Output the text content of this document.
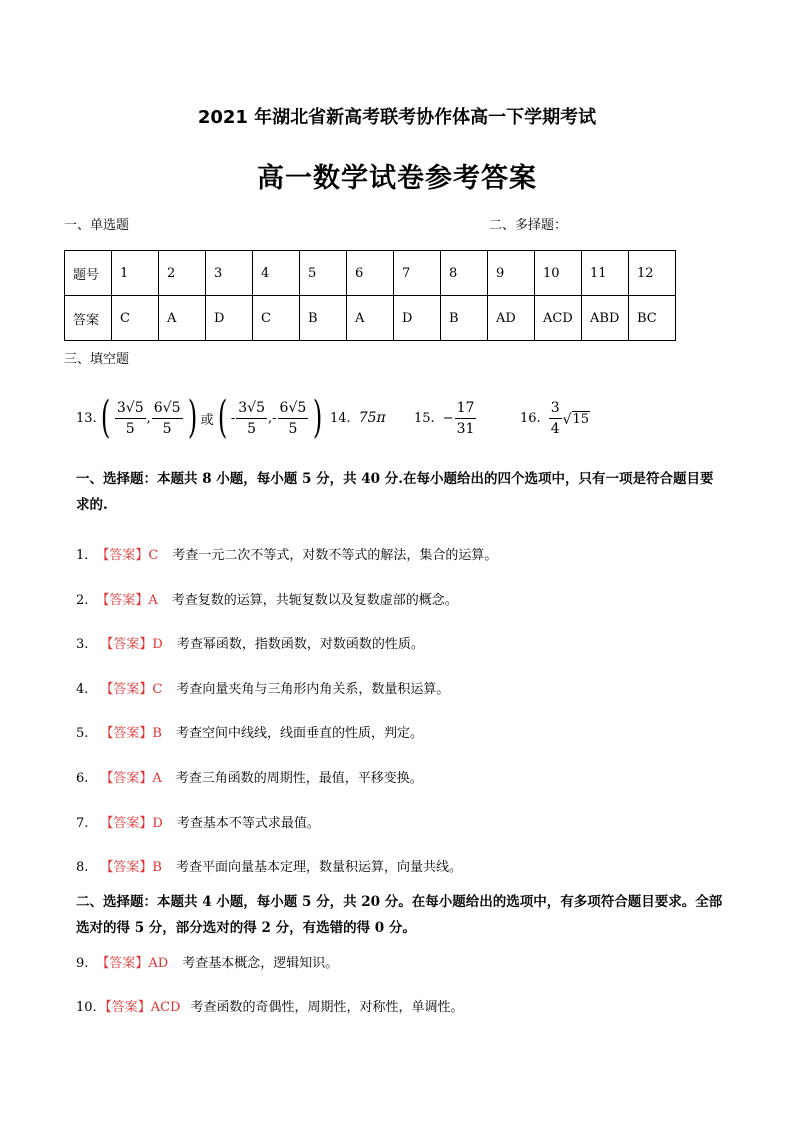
2021 年湖北省新高考联考协作体高一下学期考试
高一数学试卷参考答案
一、单选题	二、多择题：
题号	1	2	3	4	5	6	7	8	9	10	11	12
答案	C	A	D	C	B	A	D	B	AD	ACD	ABD	BC
三、填空题
13. ( $\frac{3√5}{5}$ , $\frac{6√5}{5}$ ) 或 ( - $\frac{3√5}{5}$ ,- $\frac{6√5}{5}$ ) 14. 75π 15. − $\frac{17}{31}$	16. $\frac{3}{4}$ √ 15
一、选择题：本题共 8 小题，每小题 5 分，共 40 分.在每小题给出的四个选项中，只有一项是符合题目要求的.
1. 【答案】C 考查一元二次不等式，对数不等式的解法，集合的运算。
2. 【答案】A 考查复数的运算，共轭复数以及复数虚部的概念。
3. 【答案】D 考查幂函数，指数函数，对数函数的性质。
4. 【答案】C 考查向量夹角与三角形内角关系，数量积运算。
5. 【答案】B 考查空间中线线，线面垂直的性质，判定。
6. 【答案】A 考查三角函数的周期性，最值，平移变换。
7. 【答案】D 考查基本不等式求最值。
8. 【答案】B 考查平面向量基本定理，数量积运算，向量共线。
二、选择题：本题共 4 小题，每小题 5 分，共 20 分。在每小题给出的选项中，有多项符合题目要求。全部选对的得 5 分，部分选对的得 2 分，有选错的得 0 分。
9. 【答案】AD 考查基本概念，逻辑知识。
10. 【答案】ACD 考查函数的奇偶性，周期性，对称性，单调性。
